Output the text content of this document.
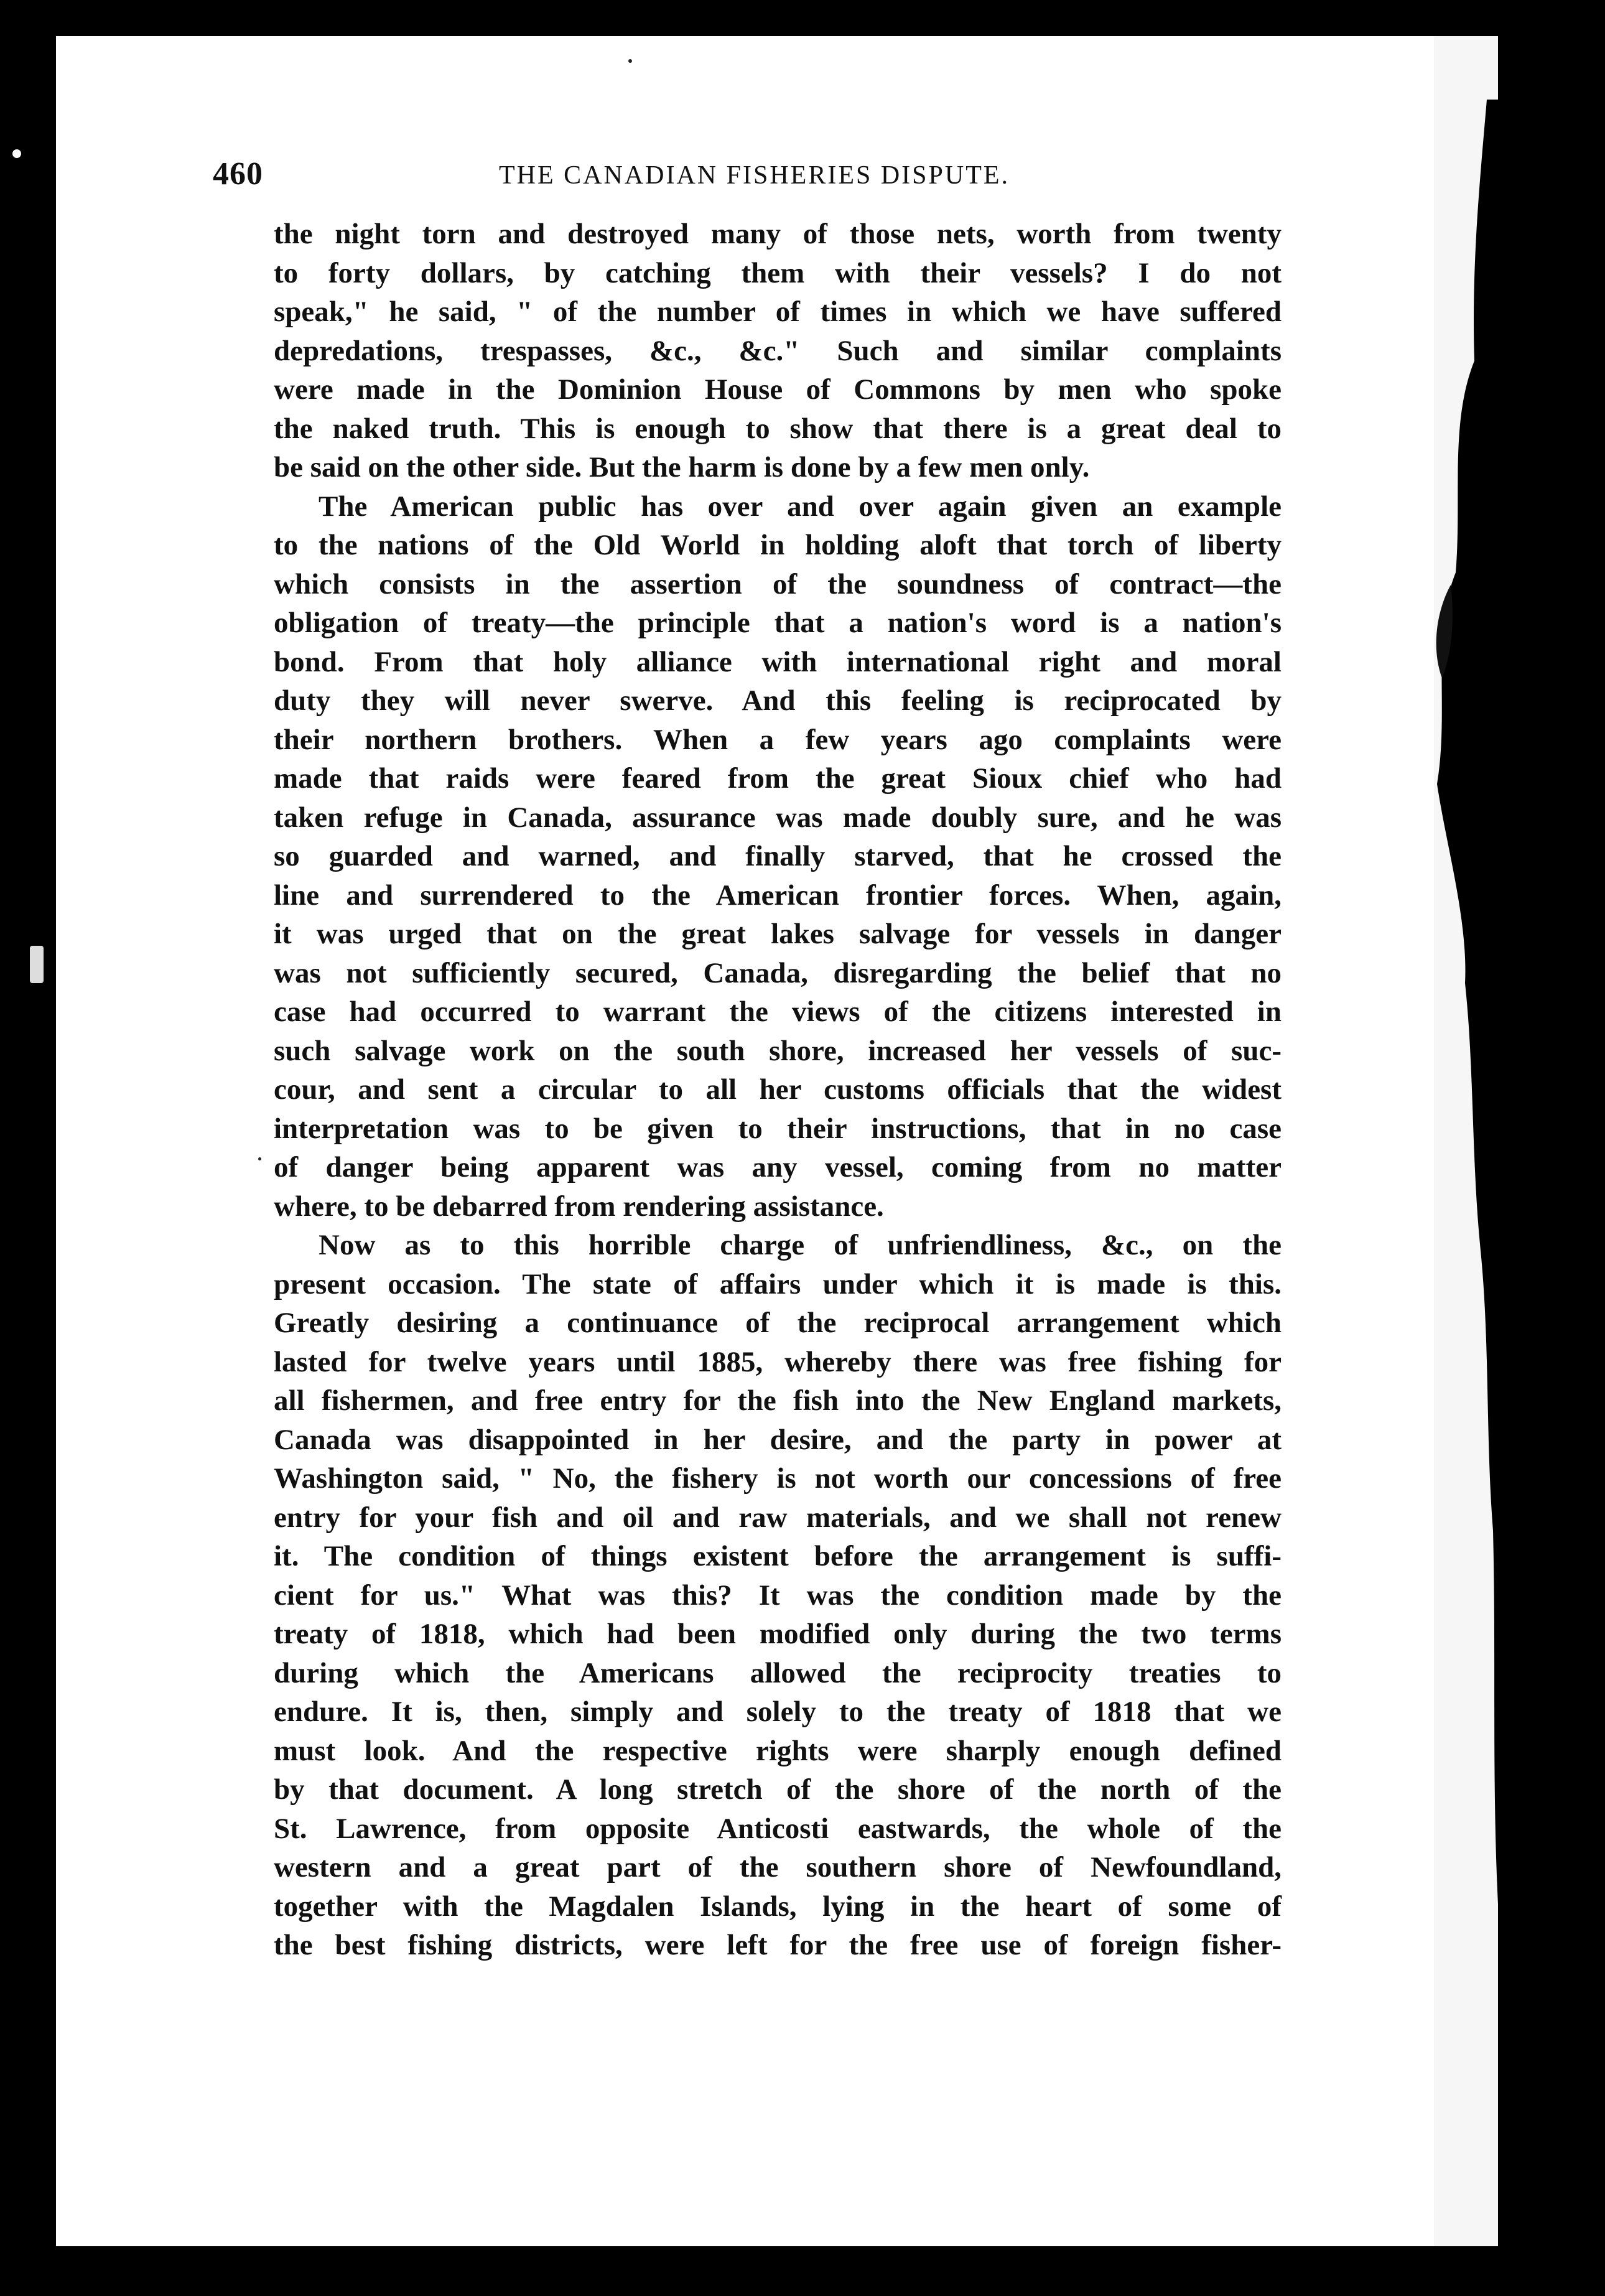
460	THE CANADIAN FISHERIES DISPUTE.
the night torn and destroyed many of those nets, worth from twenty
to forty dollars, by catching them with their vessels? I do not
speak," he said, " of the number of times in which we have suffered
depredations, trespasses, &c., &c." Such and similar complaints
were made in the Dominion House of Commons by men who spoke
the naked truth. This is enough to show that there is a great deal to
be said on the other side. But the harm is done by a few men only.
The American public has over and over again given an example
to the nations of the Old World in holding aloft that torch of liberty
which consists in the assertion of the soundness of contract—the
obligation of treaty—the principle that a nation's word is a nation's
bond. From that holy alliance with international right and moral
duty they will never swerve. And this feeling is reciprocated by
their northern brothers. When a few years ago complaints were
made that raids were feared from the great Sioux chief who had
taken refuge in Canada, assurance was made doubly sure, and he was
so guarded and warned, and finally starved, that he crossed the
line and surrendered to the American frontier forces. When, again,
it was urged that on the great lakes salvage for vessels in danger
was not sufficiently secured, Canada, disregarding the belief that no
case had occurred to warrant the views of the citizens interested in
such salvage work on the south shore, increased her vessels of suc-
cour, and sent a circular to all her customs officials that the widest
interpretation was to be given to their instructions, that in no case
of danger being apparent was any vessel, coming from no matter
where, to be debarred from rendering assistance.
Now as to this horrible charge of unfriendliness, &c., on the
present occasion. The state of affairs under which it is made is this.
Greatly desiring a continuance of the reciprocal arrangement which
lasted for twelve years until 1885, whereby there was free fishing for
all fishermen, and free entry for the fish into the New England markets,
Canada was disappointed in her desire, and the party in power at
Washington said, " No, the fishery is not worth our concessions of free
entry for your fish and oil and raw materials, and we shall not renew
it. The condition of things existent before the arrangement is suffi-
cient for us." What was this? It was the condition made by the
treaty of 1818, which had been modified only during the two terms
during which the Americans allowed the reciprocity treaties to
endure. It is, then, simply and solely to the treaty of 1818 that we
must look. And the respective rights were sharply enough defined
by that document. A long stretch of the shore of the north of the
St. Lawrence, from opposite Anticosti eastwards, the whole of the
western and a great part of the southern shore of Newfoundland,
together with the Magdalen Islands, lying in the heart of some of
the best fishing districts, were left for the free use of foreign fisher-
